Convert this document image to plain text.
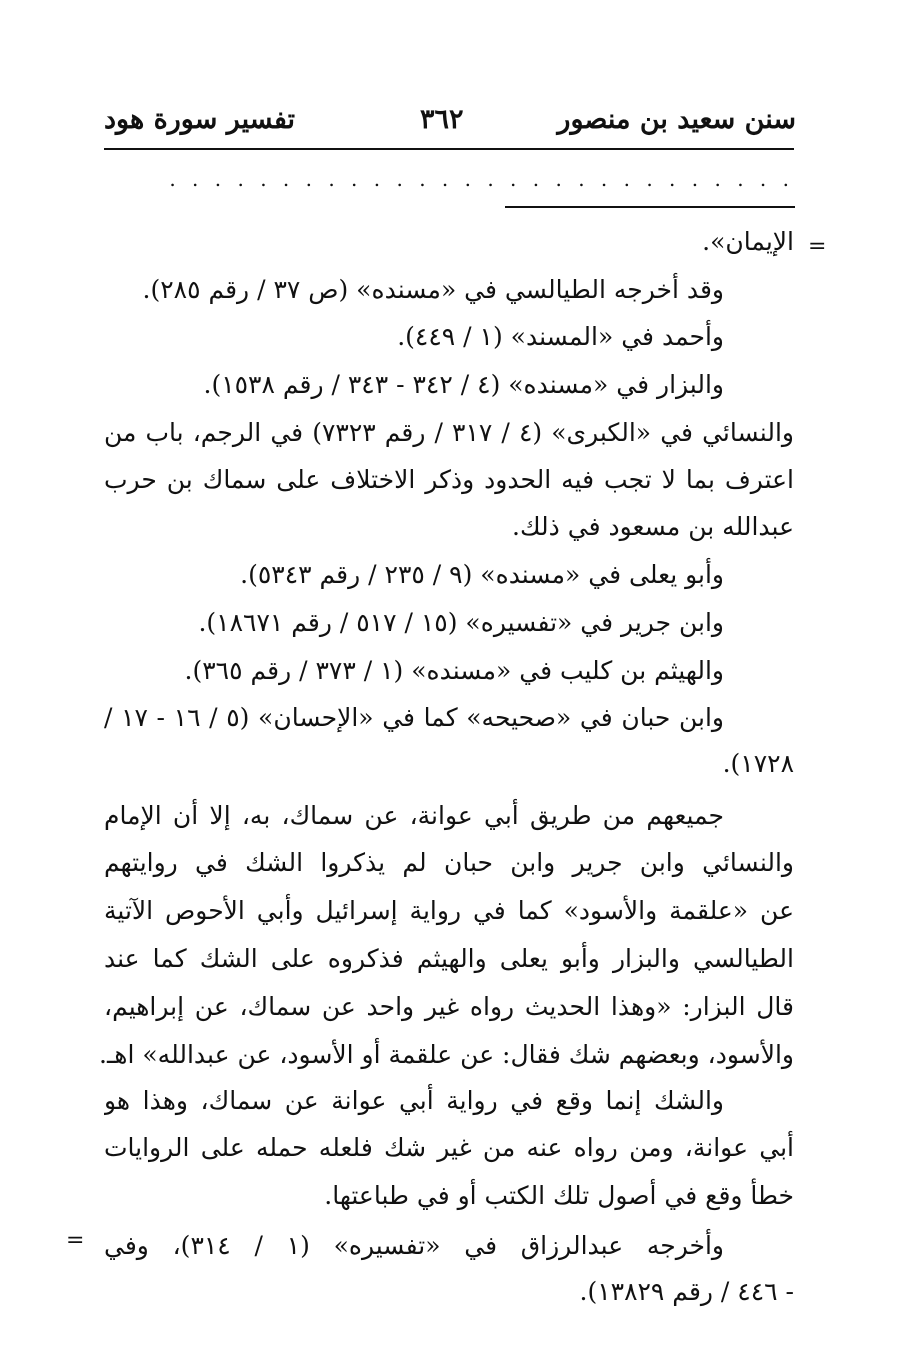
سنن سعيد بن منصور
٣٦٢
تفسير سورة هود
. . . . . . . . . . . . . . . . . . . . . . . . . . . .
=
=
الإيمان».
وقد أخرجه الطيالسي في «مسنده» (ص ٣٧ / رقم ٢٨٥).
وأحمد في «المسند» (١ / ٤٤٩).
والبزار في «مسنده» (٤ / ٣٤٢ - ٣٤٣ / رقم ١٥٣٨).
والنسائي في «الكبرى» (٤ / ٣١٧ / رقم ٧٣٢٣) في الرجم، باب من
اعترف بما لا تجب فيه الحدود وذكر الاختلاف على سماك بن حرب
عبدالله بن مسعود في ذلك.
وأبو يعلى في «مسنده» (٩ / ٢٣٥ / رقم ٥٣٤٣).
وابن جرير في «تفسيره» (١٥ / ٥١٧ / رقم ١٨٦٧١).
والهيثم بن كليب في «مسنده» (١ / ٣٧٣ / رقم ٣٦٥).
وابن حبان في «صحيحه» كما في «الإحسان» (٥ / ١٦ - ١٧ /
١٧٢٨).
جميعهم من طريق أبي عوانة، عن سماك، به، إلا أن الإمام
والنسائي وابن جرير وابن حبان لم يذكروا الشك في روايتهم
عن «علقمة والأسود» كما في رواية إسرائيل وأبي الأحوص الآتية
الطيالسي والبزار وأبو يعلى والهيثم فذكروه على الشك كما عند
قال البزار: «وهذا الحديث رواه غير واحد عن سماك، عن إبراهيم،
والأسود، وبعضهم شك فقال: عن علقمة أو الأسود، عن عبدالله» اهـ.
والشك إنما وقع في رواية أبي عوانة عن سماك، وهذا هو
أبي عوانة، ومن رواه عنه من غير شك فلعله حمله على الروايات
خطأ وقع في أصول تلك الكتب أو في طباعتها.
وأخرجه عبدالرزاق في «تفسيره» (١ / ٣١٤)، وفي
- ٤٤٦ / رقم ١٣٨٢٩).
